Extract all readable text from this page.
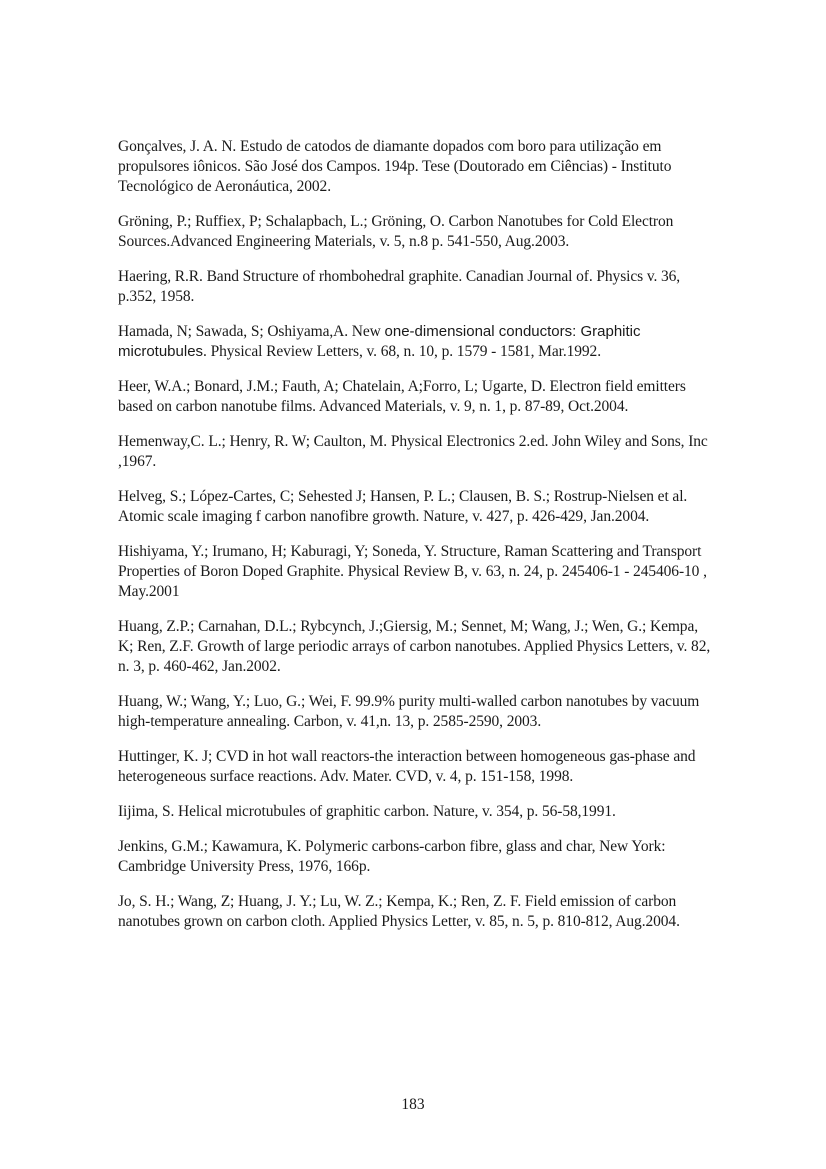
Gonçalves, J. A. N. Estudo de catodos de diamante dopados com boro para utilização em propulsores iônicos. São José dos Campos. 194p. Tese (Doutorado em Ciências) - Instituto Tecnológico de Aeronáutica, 2002.
Gröning, P.; Ruffiex, P; Schalapbach, L.; Gröning, O. Carbon Nanotubes for Cold Electron Sources.Advanced Engineering Materials, v. 5, n.8 p. 541-550, Aug.2003.
Haering, R.R. Band Structure of rhombohedral graphite. Canadian Journal of. Physics v. 36, p.352, 1958.
Hamada, N; Sawada, S; Oshiyama,A. New one-dimensional conductors: Graphitic microtubules. Physical Review Letters, v. 68, n. 10, p. 1579 - 1581, Mar.1992.
Heer, W.A.; Bonard, J.M.; Fauth, A; Chatelain, A;Forro, L; Ugarte, D. Electron field emitters based on carbon nanotube films. Advanced Materials, v. 9, n. 1, p. 87-89, Oct.2004.
Hemenway,C. L.; Henry, R. W; Caulton, M. Physical Electronics 2.ed. John Wiley and Sons, Inc ,1967.
Helveg, S.; López-Cartes, C; Sehested J; Hansen, P. L.; Clausen, B. S.; Rostrup-Nielsen et al. Atomic scale imaging f carbon nanofibre growth. Nature, v. 427, p. 426-429, Jan.2004.
Hishiyama, Y.; Irumano, H; Kaburagi, Y; Soneda, Y. Structure, Raman Scattering and Transport Properties of Boron Doped Graphite. Physical Review B, v. 63, n. 24, p. 245406-1 - 245406-10 , May.2001
Huang, Z.P.; Carnahan, D.L.; Rybcynch, J.;Giersig, M.; Sennet, M; Wang, J.; Wen, G.; Kempa, K; Ren, Z.F. Growth of large periodic arrays of carbon nanotubes. Applied Physics Letters, v. 82, n. 3, p. 460-462, Jan.2002.
Huang, W.; Wang, Y.; Luo, G.; Wei, F. 99.9% purity multi-walled carbon nanotubes by vacuum high-temperature annealing. Carbon, v. 41,n. 13, p. 2585-2590, 2003.
Huttinger, K. J; CVD in hot wall reactors-the interaction between homogeneous gas-phase and heterogeneous surface reactions. Adv. Mater. CVD, v. 4, p. 151-158, 1998.
Iijima, S. Helical microtubules of graphitic carbon. Nature, v. 354, p. 56-58,1991.
Jenkins, G.M.; Kawamura, K. Polymeric carbons-carbon fibre, glass and char, New York: Cambridge University Press, 1976, 166p.
Jo, S. H.; Wang, Z; Huang, J. Y.; Lu, W. Z.; Kempa, K.; Ren, Z. F. Field emission of carbon nanotubes grown on carbon cloth. Applied Physics Letter, v. 85, n. 5, p. 810-812, Aug.2004.
183
